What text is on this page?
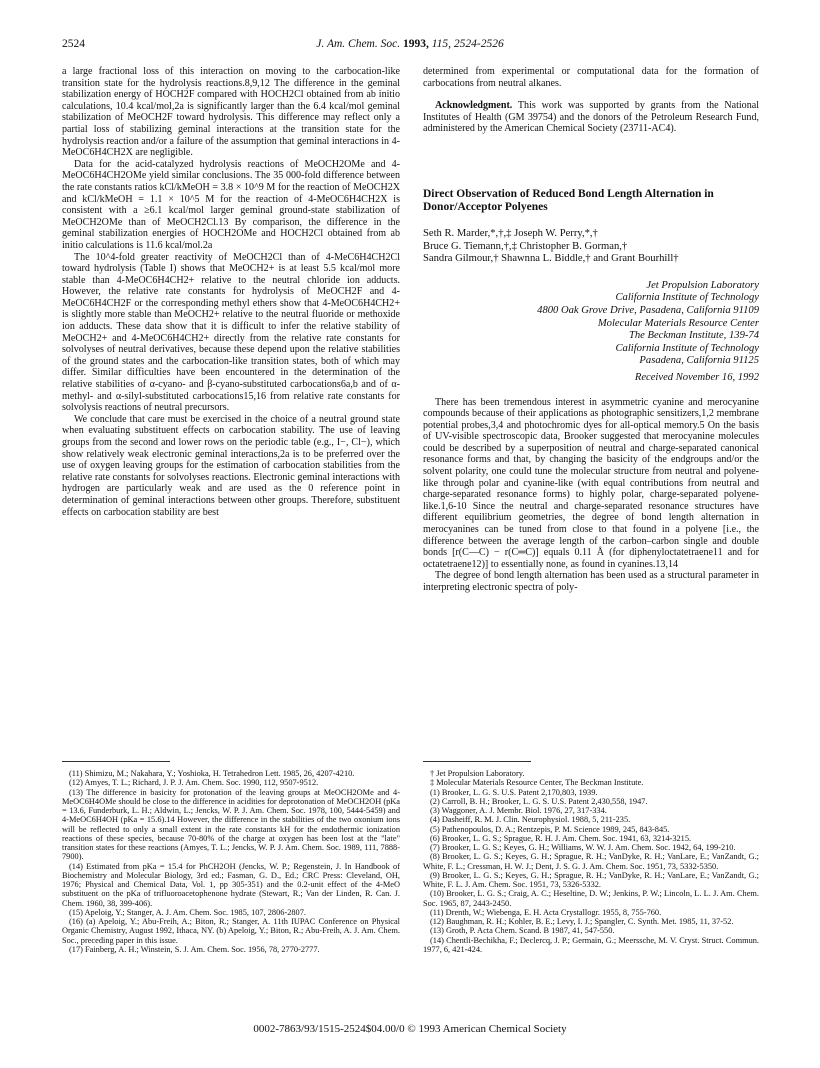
2524	J. Am. Chem. Soc. 1993, 115, 2524-2526

a large fractional loss of this interaction on moving to the carbocation-like transition state for the hydrolysis reactions.8,9,12 The difference in the geminal stabilization energy of HOCH2F compared with HOCH2Cl obtained from ab initio calculations, 10.4 kcal/mol,2a is significantly larger than the 6.4 kcal/mol geminal stabilization of MeOCH2F toward hydrolysis. This difference may reflect only a partial loss of stabilizing geminal interactions at the transition state for the hydrolysis reaction and/or a failure of the assumption that geminal interactions in 4-MeOC6H4CH2X are negligible.

Data for the acid-catalyzed hydrolysis reactions of MeOCH2OMe and 4-MeOC6H4CH2OMe yield similar conclusions. The 35 000-fold difference between the rate constants ratios kCl/kMeOH = 3.8 × 10^9 M for the reaction of MeOCH2X and kCl/kMeOH = 1.1 × 10^5 M for the reaction of 4-MeOC6H4CH2X is consistent with a ≥6.1 kcal/mol larger geminal ground-state stabilization of MeOCH2OMe than of MeOCH2Cl.13 By comparison, the difference in the geminal stabilization energies of HOCH2OMe and HOCH2Cl obtained from ab initio calculations is 11.6 kcal/mol.2a

The 10^4-fold greater reactivity of MeOCH2Cl than of 4-MeC6H4CH2Cl toward hydrolysis (Table I) shows that MeOCH2+ is at least 5.5 kcal/mol more stable than 4-MeOC6H4CH2+ relative to the neutral chloride ion adducts. However, the relative rate constants for hydrolysis of MeOCH2F and 4-MeOC6H4CH2F or the corresponding methyl ethers show that 4-MeOC6H4CH2+ is slightly more stable than MeOCH2+ relative to the neutral fluoride or methoxide ion adducts. These data show that it is difficult to infer the relative stability of MeOCH2+ and 4-MeOC6H4CH2+ directly from the relative rate constants for solvolyses of neutral derivatives, because these depend upon the relative stabilities of the ground states and the carbocation-like transition states, both of which may differ. Similar difficulties have been encountered in the determination of the relative stabilities of α-cyano- and β-cyano-substituted carbocations6a,b and of α-methyl- and α-silyl-substituted carbocations15,16 from relative rate constants for solvolysis reactions of neutral precursors.

We conclude that care must be exercised in the choice of a neutral ground state when evaluating substituent effects on carbocation stability. The use of leaving groups from the second and lower rows on the periodic table (e.g., I−, Cl−), which show relatively weak electronic geminal interactions,2a is to be preferred over the use of oxygen leaving groups for the estimation of carbocation stabilities from the relative rate constants for solvolyses reactions. Electronic geminal interactions with hydrogen are particularly weak and are used as the 0 reference point in determination of geminal interactions between other groups. Therefore, substituent effects on carbocation stability are best

determined from experimental or computational data for the formation of carbocations from neutral alkanes.

Acknowledgment. This work was supported by grants from the National Institutes of Health (GM 39754) and the donors of the Petroleum Research Fund, administered by the American Chemical Society (23711-AC4).

Direct Observation of Reduced Bond Length Alternation in Donor/Acceptor Polyenes

Seth R. Marder,*,†,‡ Joseph W. Perry,*,†
Bruce G. Tiemann,†,‡ Christopher B. Gorman,†
Sandra Gilmour,† Shawnna L. Biddle,† and Grant Bourhill†
Jet Propulsion Laboratory
California Institute of Technology
4800 Oak Grove Drive, Pasadena, California 91109
Molecular Materials Resource Center
The Beckman Institute, 139-74
California Institute of Technology
Pasadena, California 91125
Received November 16, 1992

There has been tremendous interest in asymmetric cyanine and merocyanine compounds because of their applications as photographic sensitizers,1,2 membrane potential probes,3,4 and photochromic dyes for all-optical memory.5 On the basis of UV-visible spectroscopic data, Brooker suggested that merocyanine molecules could be described by a superposition of neutral and charge-separated canonical resonance forms and that, by changing the basicity of the endgroups and/or the solvent polarity, one could tune the molecular structure from neutral and polyene-like through polar and cyanine-like (with equal contributions from neutral and charge-separated resonance forms) to highly polar, charge-separated polyene-like.1,6-10 Since the neutral and charge-separated resonance structures have different equilibrium geometries, the degree of bond length alternation in merocyanines can be tuned from close to that found in a polyene [i.e., the difference between the average length of the carbon–carbon single and double bonds [r(C—C) − r(C═C)] equals 0.11 Å (for diphenyloctatetraene11 and for octatetraene12)] to essentially none, as found in cyanines.13,14

The degree of bond length alternation has been used as a structural parameter in interpreting electronic spectra of poly-

(11) Shimizu, M.; Nakahara, Y.; Yoshioka, H. Tetrahedron Lett. 1985, 26, 4207-4210.

(12) Amyes, T. L.; Richard, J. P. J. Am. Chem. Soc. 1990, 112, 9507-9512.

(13) The difference in basicity for protonation of the leaving groups at MeOCH2OMe and 4-MeOC6H4OMe should be close to the difference in acidities for deprotonation of MeOCH2OH (pKa = 13.6, Funderburk, L. H.; Aldwin, L.; Jencks, W. P. J. Am. Chem. Soc. 1978, 100, 5444-5459) and 4-MeOC6H4OH (pKa = 15.6).14 However, the difference in the stabilities of the two oxonium ions will be reflected to only a small extent in the rate constants kH for the endothermic ionization reactions of these species, because 70-80% of the charge at oxygen has been lost at the "late" transition states for these reactions (Amyes, T. L.; Jencks, W. P. J. Am. Chem. Soc. 1989, 111, 7888-7900).

(14) Estimated from pKa = 15.4 for PhCH2OH (Jencks, W. P.; Regenstein, J. In Handbook of Biochemistry and Molecular Biology, 3rd ed.; Fasman, G. D., Ed.; CRC Press: Cleveland, OH, 1976; Physical and Chemical Data, Vol. 1, pp 305-351) and the 0.2-unit effect of the 4-MeO substituent on the pKa of trifluoroacetophenone hydrate (Stewart, R.; Van der Linden, R. Can. J. Chem. 1960, 38, 399-406).

(15) Apeloig, Y.; Stanger, A. J. Am. Chem. Soc. 1985, 107, 2806-2807.

(16) (a) Apeloig, Y.; Abu-Freih, A.; Biton, R.; Stanger, A. 11th IUPAC Conference on Physical Organic Chemistry, August 1992, Ithaca, NY. (b) Apeloig, Y.; Biton, R.; Abu-Freih, A. J. Am. Chem. Soc., preceding paper in this issue.

(17) Fainberg, A. H.; Winstein, S. J. Am. Chem. Soc. 1956, 78, 2770-2777.

† Jet Propulsion Laboratory.

‡ Molecular Materials Resource Center, The Beckman Institute.

(1) Brooker, L. G. S. U.S. Patent 2,170,803, 1939.

(2) Carroll, B. H.; Brooker, L. G. S. U.S. Patent 2,430,558, 1947.

(3) Waggoner, A. J. Membr. Biol. 1976, 27, 317-334.

(4) Dasheiff, R. M. J. Clin. Neurophysiol. 1988, 5, 211-235.

(5) Pathenopoulos, D. A.; Rentzepis, P. M. Science 1989, 245, 843-845.

(6) Brooker, L. G. S.; Sprague, R. H. J. Am. Chem. Soc. 1941, 63, 3214-3215.

(7) Brooker, L. G. S.; Keyes, G. H.; Williams, W. W. J. Am. Chem. Soc. 1942, 64, 199-210.

(8) Brooker, L. G. S.; Keyes, G. H.; Sprague, R. H.; VanDyke, R. H.; VanLare, E.; VanZandt, G.; White, F. L.; Cressman, H. W. J.; Dent, J. S. G. J. Am. Chem. Soc. 1951, 73, 5332-5350.

(9) Brooker, L. G. S.; Keyes, G. H.; Sprague, R. H.; VanDyke, R. H.; VanLare, E.; VanZandt, G.; White, F. L. J. Am. Chem. Soc. 1951, 73, 5326-5332.

(10) Brooker, L. G. S.; Craig, A. C.; Heseltine, D. W.; Jenkins, P. W.; Lincoln, L. L. J. Am. Chem. Soc. 1965, 87, 2443-2450.

(11) Drenth, W.; Wiebenga, E. H. Acta Crystallogr. 1955, 8, 755-760.

(12) Baughman, R. H.; Kohler, B. E.; Levy, I. J.; Spangler, C. Synth. Met. 1985, 11, 37-52.

(13) Groth, P. Acta Chem. Scand. B 1987, 41, 547-550.

(14) Chentli-Bechikha, F.; Declercq, J. P.; Germain, G.; Meerssche, M. V. Cryst. Struct. Commun. 1977, 6, 421-424.

0002-7863/93/1515-2524$04.00/0 © 1993 American Chemical Society
